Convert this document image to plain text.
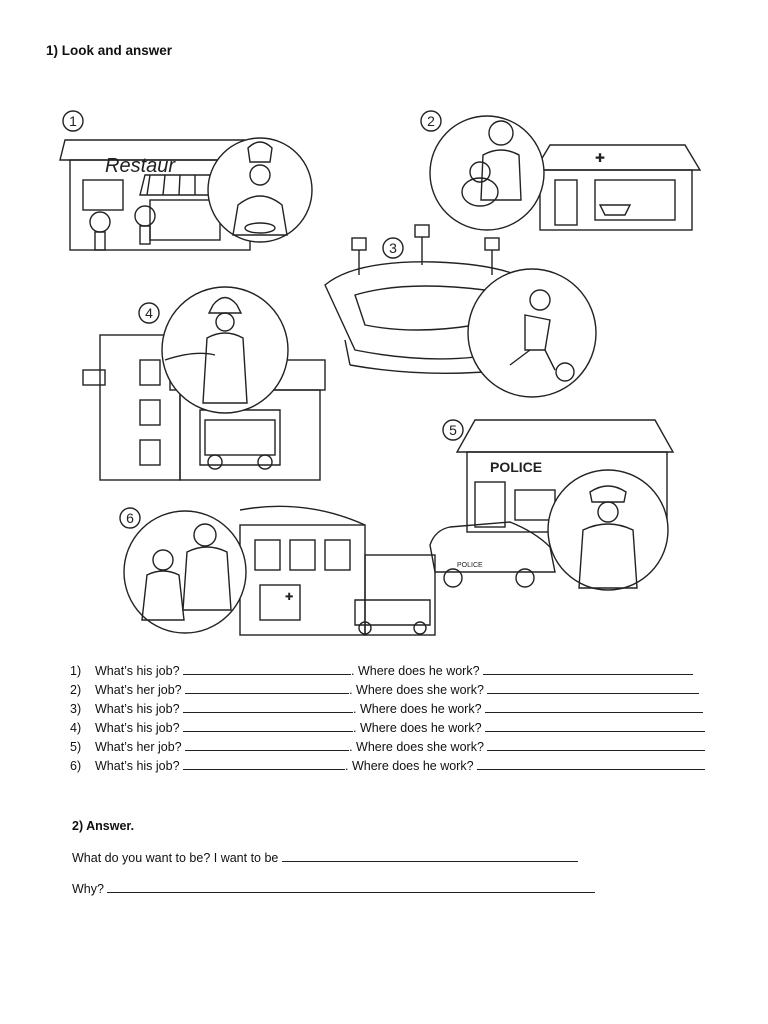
1) Look and answer
1
Restaur
2
✚
3
4
5
POLICE
POLICE
6
✚
1) What’s his job?	. Where does he work?
2) What’s her job?	. Where does she work?
3) What’s his job?	. Where does he work?
4) What’s his job?	. Where does he work?
5) What’s her job?	. Where does she work?
6) What’s his job?	. Where does he work?
2) Answer.
What do you want to be? I want to be
Why?
